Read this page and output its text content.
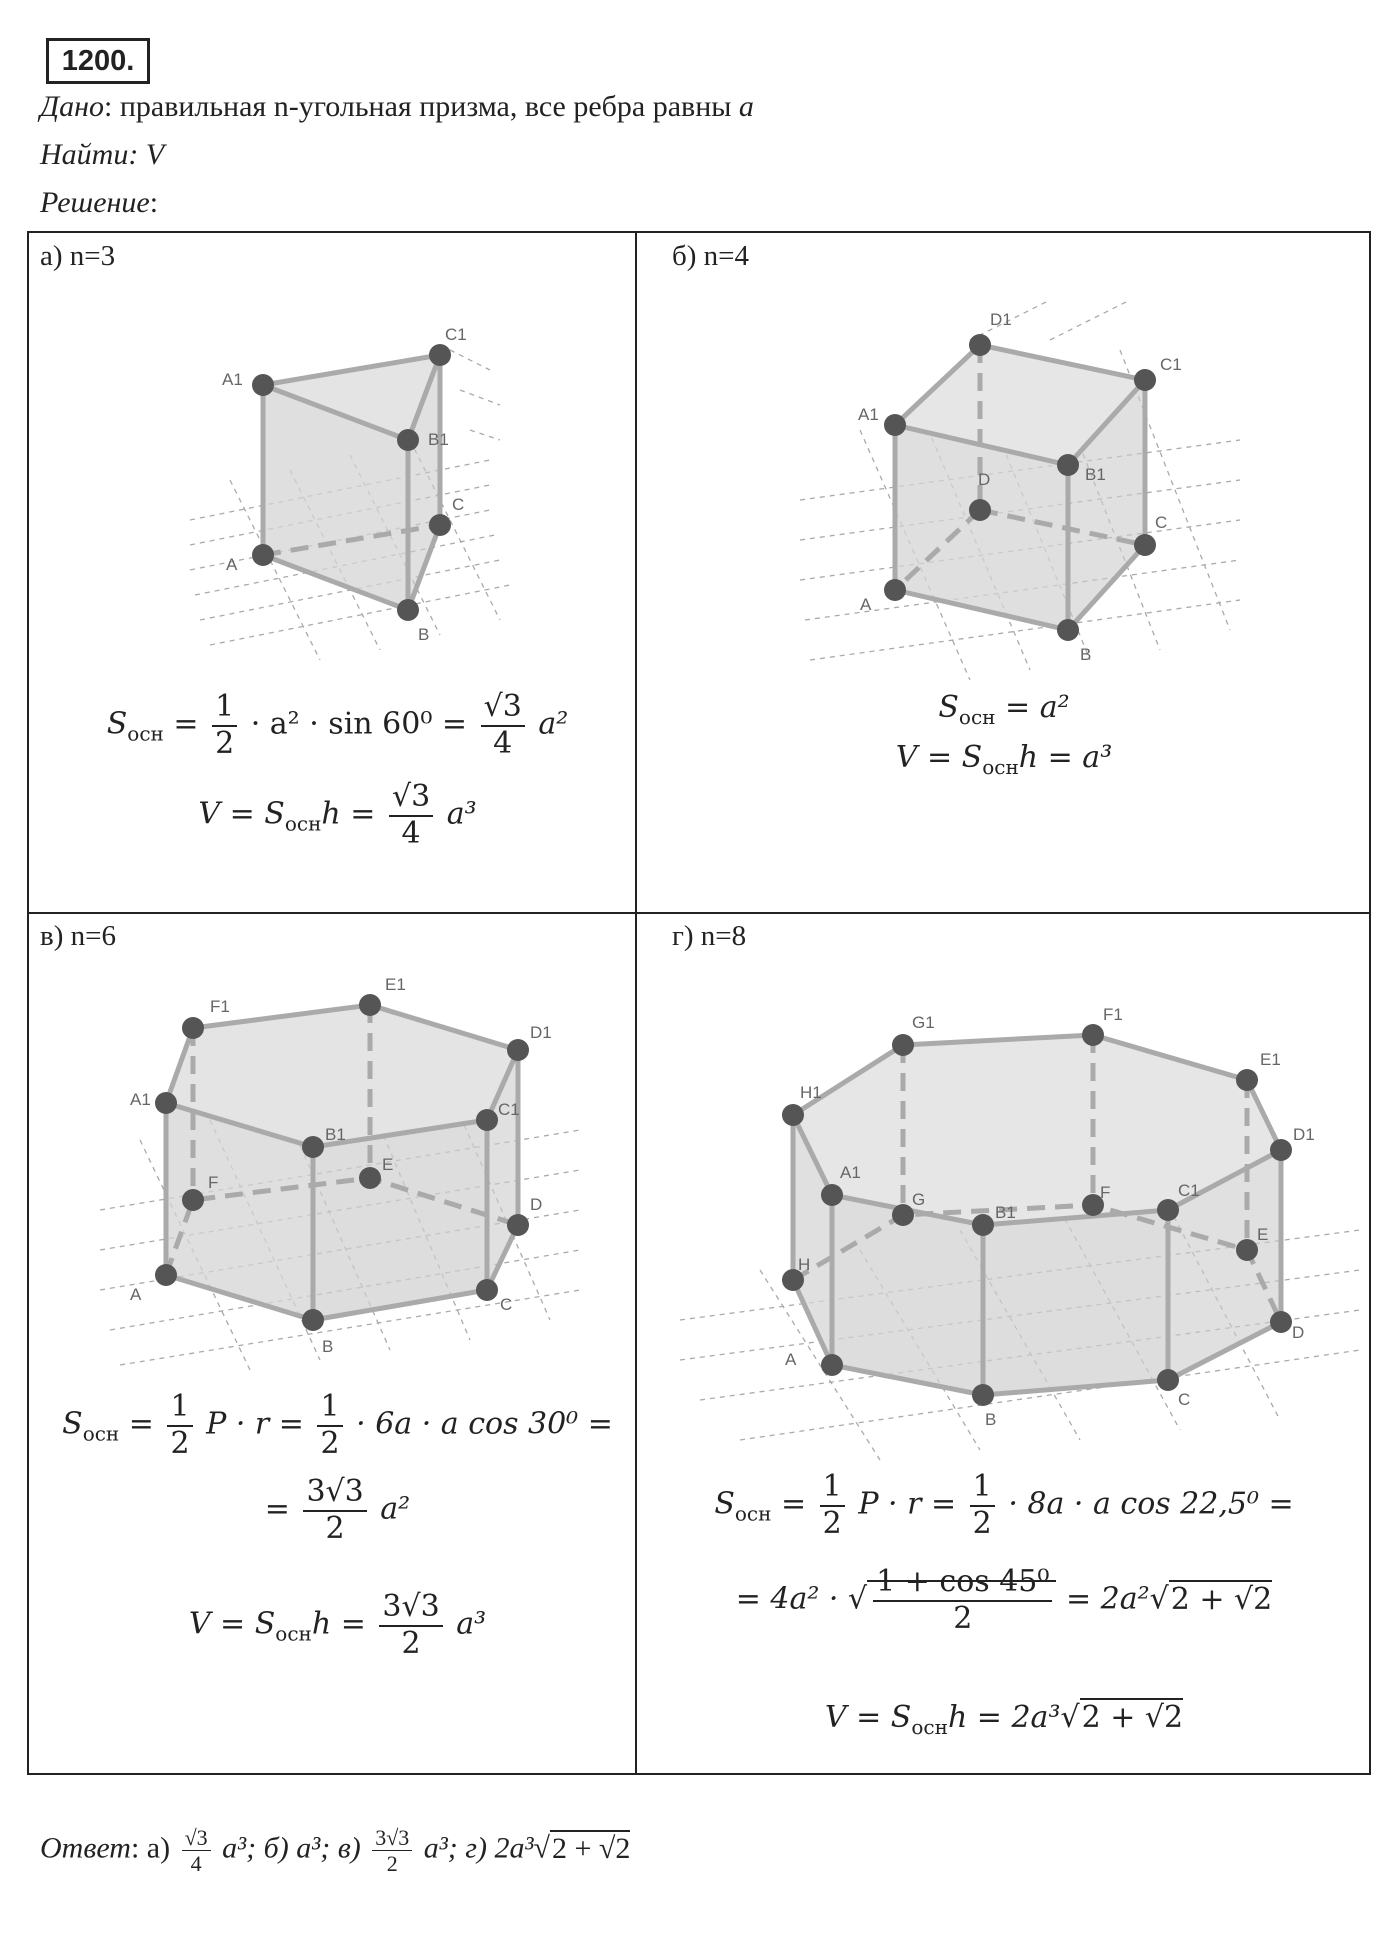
1200.
Дано: правильная n-угольная призма, все ребра равны a
Найти: V
Решение:
а) n=3	б) n=4
в) n=6	г) n=8
A1
C1
B1
C
A
B
D1
C1
A1
B1
D
C
A
B
F1
E1
D1
A1
B1
C1
F
E
D
A
C
B
G1	F1
E1
H1
A1
B1
C1
D1
G	F
E
H
A
D
B
C
$S_{осн} = \frac{1}{2} \cdot a^2 \cdot \sin 60^0 = \frac{√3}{4} a^2$
$V = S_{осн}h = \frac{√3}{4} a^3$
$S_{осн} = a^2$
$V = S_{осн}h = a^3$
$S_{осн} = \frac{1}{2}$ $P \cdot r = \frac{1}{2} \cdot 6a \cdot a$ cos 30⁰ =
= $\frac{3√3}{2} a^2$
$V = S_{осн}h = \frac{3√3}{2} a^3$
$S_{осн} = \frac{1}{2}$ $P \cdot r = \frac{1}{2} \cdot 8a \cdot a$ cos 22,5⁰ =
= 4a² · √ $\frac{\text{1 + cos 45⁰}}{2} = 2a^2√2 + √2$
$V = S_{осн}h = 2a^3√2 + √2$
Ответ: $а) \frac{√3}{4} a^3$; б) a³; $в) \frac{3√3}{2} a^3$; г) 2a³√2 + √2
